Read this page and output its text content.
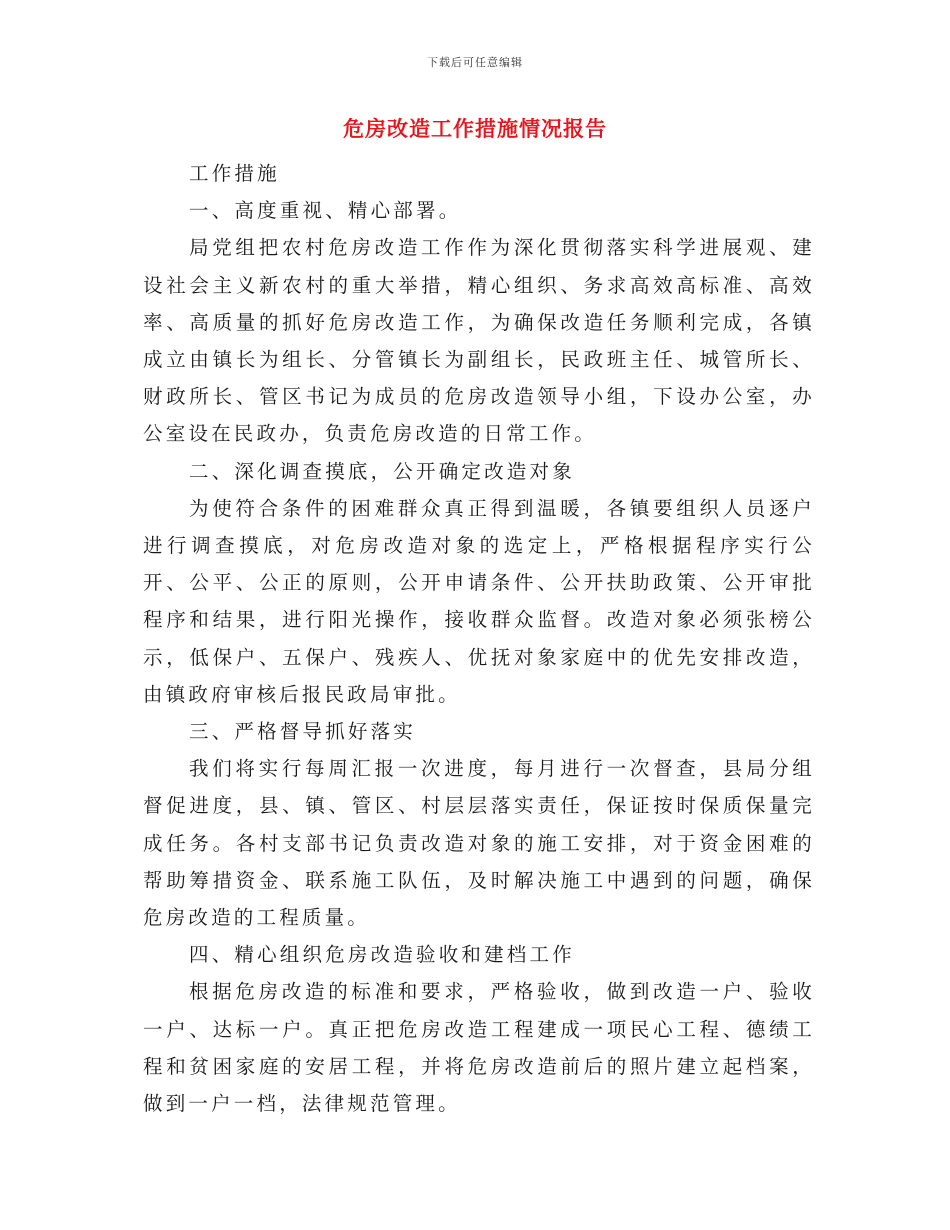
下载后可任意编辑
危房改造工作措施情况报告

工作措施

一、高度重视、精心部署。

局党组把农村危房改造工作作为深化贯彻落实科学进展观、建设社会主义新农村的重大举措，精心组织、务求高效高标准、高效率、高质量的抓好危房改造工作，为确保改造任务顺利完成，各镇成立由镇长为组长、分管镇长为副组长，民政班主任、城管所长、财政所长、管区书记为成员的危房改造领导小组，下设办公室，办公室设在民政办，负责危房改造的日常工作。

二、深化调查摸底，公开确定改造对象

为使符合条件的困难群众真正得到温暖，各镇要组织人员逐户进行调查摸底，对危房改造对象的选定上，严格根据程序实行公开、公平、公正的原则，公开申请条件、公开扶助政策、公开审批程序和结果，进行阳光操作，接收群众监督。改造对象必须张榜公示，低保户、五保户、残疾人、优抚对象家庭中的优先安排改造，由镇政府审核后报民政局审批。

三、严格督导抓好落实

我们将实行每周汇报一次进度，每月进行一次督查，县局分组督促进度，县、镇、管区、村层层落实责任，保证按时保质保量完成任务。各村支部书记负责改造对象的施工安排，对于资金困难的帮助筹措资金、联系施工队伍，及时解决施工中遇到的问题，确保危房改造的工程质量。

四、精心组织危房改造验收和建档工作

根据危房改造的标准和要求，严格验收，做到改造一户、验收一户、达标一户。真正把危房改造工程建成一项民心工程、德绩工程和贫困家庭的安居工程，并将危房改造前后的照片建立起档案，做到一户一档，法律规范管理。
